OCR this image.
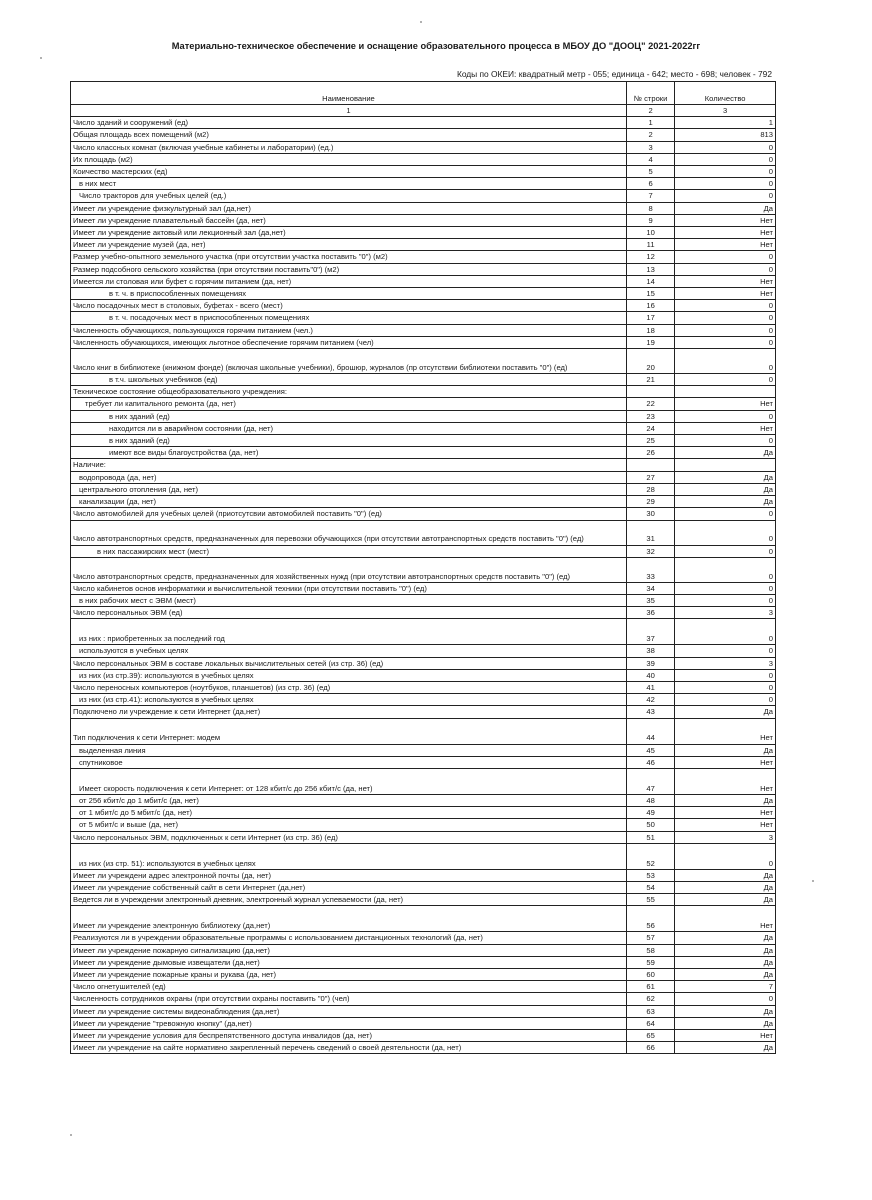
Материально-техническое обеспечение и оснащение образовательного процесса в МБОУ ДО "ДООЦ" 2021-2022гг
Коды по ОКЕИ: квадратный метр - 055; единица - 642; место - 698; человек - 792
Наименование	№ строки	Количество
1	2	3
Число зданий и сооружений (ед)	1	1
Общая площадь всех помещений (м2)	2	813
Число классных комнат (включая учебные кабинеты и лаборатории) (ед.)	3	0
Их площадь (м2)	4	0
Коичество мастерских (ед)	5	0
в них мест	6	0
Число тракторов для учебных целей (ед.)	7	0
Имеет ли учреждение физкультурный зал (да,нет)	8	Да
Имеет ли учреждение плавательный бассейн (да, нет)	9	Нет
Имеет ли учреждение актовый или лекционный зал (да,нет)	10	Нет
Имеет ли учреждение музей (да, нет)	11	Нет
Размер учебно-опытного земельного участка (при отсутствии участка поставить "0") (м2)	12	0
Размер подсобного сельского хозяйства (при отсутствии поставить"0") (м2)	13	0
Имеется ли столовая или буфет с горячим питанием (да, нет)	14	Нет
в т. ч. в приспособленных помещениях	15	Нет
Число посадочных мест в столовых, буфетах - всего (мест)	16	0
в т. ч. посадочных мест в приспособленных помещениях	17	0
Численность обучающихся, пользующихся горячим питанием (чел.)	18	0
Численность обучающихся, имеющих льготное обеспечение горячим питанием (чел)	19	0
Число книг в библиотеке (книжном фонде) (включая школьные учебники), брошюр, журналов (пр отсутствии библиотеки поставить "0") (ед)	20	0
в т.ч. школьных учебников (ед)	21	0
Техническое состояние общеобразовательного учреждения:		
требует ли капитального ремонта (да, нет)	22	Нет
в них зданий (ед)	23	0
находится ли в аварийном состоянии (да, нет)	24	Нет
в них зданий (ед)	25	0
имеют все виды благоустройства (да, нет)	26	Да
Наличие:		
водопровода (да, нет)	27	Да
центрального отопления (да, нет)	28	Да
канализации (да, нет)	29	Да
Число автомобилей для учебных целей (приотсутсвии автомобилей поставить "0") (ед)	30	0
Число автотранспортных средств, предназначенных для перевозки обучающихся (при отсутствии автотранспортных средств поставить "0") (ед)	31	0
в них пассажирских мест (мест)	32	0
Число автотранспортных средств, предназначенных для хозяйственных нужд (при отсутствии автотранспортных средств поставить "0") (ед)	33	0
Число кабинетов основ информатики и вычислительной техники (при отсутствии поставить "0") (ед)	34	0
в них рабочих мест с ЭВМ (мест)	35	0
Число персональных ЭВМ (ед)	36	3
из них : приобретенных за последний год	37	0
используются в учебных целях	38	0
Число персональных ЭВМ в составе локальных вычислительных сетей (из стр. 36) (ед)	39	3
из них (из стр.39): используются в учебных целях	40	0
Число переносных компьютеров (ноутбуков, планшетов) (из стр. 36) (ед)	41	0
из них (из стр.41): используются в учебных целях	42	0
Подключено ли учреждение к сети Интернет (да,нет)	43	Да
Тип подключения к сети Интернет: модем	44	Нет
выделенная линия	45	Да
спутниковое	46	Нет
Имеет скорость подключения к сети Интернет: от 128 кбит/с до 256 кбит/с (да, нет)	47	Нет
от 256 кбит/с до 1 мбит/с (да, нет)	48	Да
от 1 мбит/с до 5 мбит/с (да, нет)	49	Нет
от 5 мбит/с и выше (да, нет)	50	Нет
Число персональных ЭВМ, подключенных к сети Интернет (из стр. 36) (ед)	51	3
из них (из стр. 51): используются в учебных целях	52	0
Имеет ли учреждени адрес электронной почты (да, нет)	53	Да
Имеет ли учреждение собственный сайт в сети Интернет (да,нет)	54	Да
Ведется ли в учреждении электронный дневник, электронный журнал успеваемости (да, нет)	55	Да
Имеет ли учреждение электронную библиотеку (да,нет)	56	Нет
Реализуются ли в учреждении образовательные программы с использованием дистанционных технологий (да, нет)	57	Да
Имеет ли учреждение пожарную сигнализацию (да,нет)	58	Да
Имеет ли учреждение дымовые извещатели (да,нет)	59	Да
Имеет ли учреждение пожарные краны и рукава (да, нет)	60	Да
Число огнетушителей (ед)	61	7
Численность сотрудников охраны (при отсутствии охраны поставить "0") (чел)	62	0
Имеет ли учреждение системы видеонаблюдения (да,нет)	63	Да
Имеет ли учреждение "тревожную кнопку" (да,нет)	64	Да
Имеет ли учреждение условия для беспрепятственного доступа инвалидов (да, нет)	65	Нет
Имеет ли учреждение на сайте нормативно закрепленный перечень сведений о своей деятельности (да, нет)	66	Да
